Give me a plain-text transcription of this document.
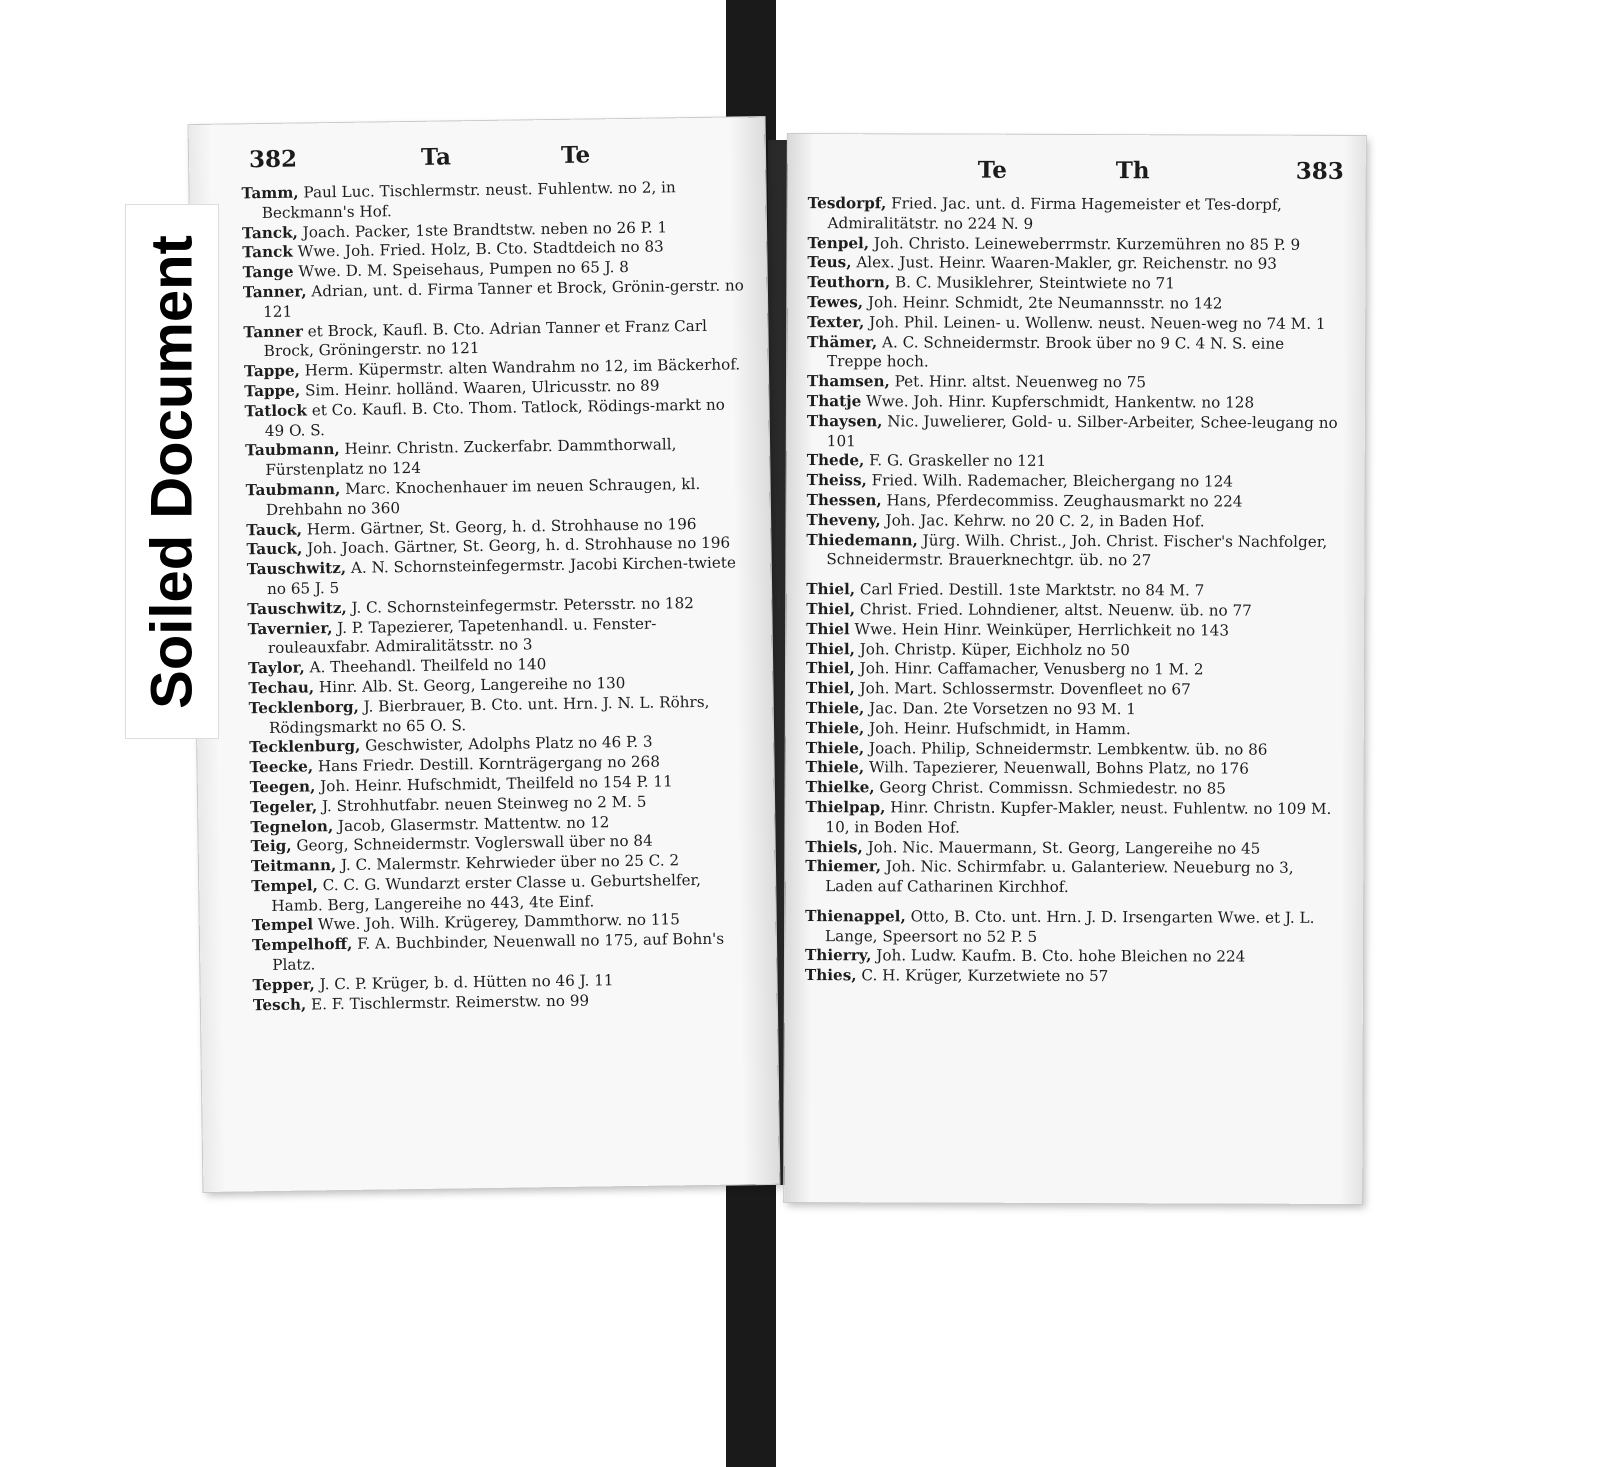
382	Ta	Te
Tamm, Paul Luc. Tischlermstr. neust. Fuhlentw. no 2, in Beckmann's Hof.
Tanck, Joach. Packer, 1ste Brandtstw. neben no 26 P. 1
Tanck Wwe. Joh. Fried. Holz, B. Cto. Stadtdeich no 83
Tange Wwe. D. M. Speisehaus, Pumpen no 65 J. 8
Tanner, Adrian, unt. d. Firma Tanner et Brock, Grönin-gerstr. no 121
Tanner et Brock, Kaufl. B. Cto. Adrian Tanner et Franz Carl Brock, Gröningerstr. no 121
Tappe, Herm. Küpermstr. alten Wandrahm no 12, im Bäckerhof.
Tappe, Sim. Heinr. holländ. Waaren, Ulricusstr. no 89
Tatlock et Co. Kaufl. B. Cto. Thom. Tatlock, Rödings-markt no 49 O. S.
Taubmann, Heinr. Christn. Zuckerfabr. Dammthorwall, Fürstenplatz no 124
Taubmann, Marc. Knochenhauer im neuen Schraugen, kl. Drehbahn no 360
Tauck, Herm. Gärtner, St. Georg, h. d. Strohhause no 196
Tauck, Joh. Joach. Gärtner, St. Georg, h. d. Strohhause no 196
Tauschwitz, A. N. Schornsteinfegermstr. Jacobi Kirchen-twiete no 65 J. 5
Tauschwitz, J. C. Schornsteinfegermstr. Petersstr. no 182
Tavernier, J. P. Tapezierer, Tapetenhandl. u. Fenster-rouleauxfabr. Admiralitätsstr. no 3
Taylor, A. Theehandl. Theilfeld no 140
Techau, Hinr. Alb. St. Georg, Langereihe no 130
Tecklenborg, J. Bierbrauer, B. Cto. unt. Hrn. J. N. L. Röhrs, Rödingsmarkt no 65 O. S.
Tecklenburg, Geschwister, Adolphs Platz no 46 P. 3
Teecke, Hans Friedr. Destill. Kornträgergang no 268
Teegen, Joh. Heinr. Hufschmidt, Theilfeld no 154 P. 11
Tegeler, J. Strohhutfabr. neuen Steinweg no 2 M. 5
Tegnelon, Jacob, Glasermstr. Mattentw. no 12
Teig, Georg, Schneidermstr. Voglerswall über no 84
Teitmann, J. C. Malermstr. Kehrwieder über no 25 C. 2
Tempel, C. C. G. Wundarzt erster Classe u. Geburtshelfer, Hamb. Berg, Langereihe no 443, 4te Einf.
Tempel Wwe. Joh. Wilh. Krügerey, Dammthorw. no 115
Tempelhoff, F. A. Buchbinder, Neuenwall no 175, auf Bohn's Platz.
Tepper, J. C. P. Krüger, b. d. Hütten no 46 J. 11
Tesch, E. F. Tischlermstr. Reimerstw. no 99
Te	Th	383
Tesdorpf, Fried. Jac. unt. d. Firma Hagemeister et Tes-dorpf, Admiralitätstr. no 224 N. 9
Tenpel, Joh. Christo. Leineweberrmstr. Kurzemühren no 85 P. 9
Teus, Alex. Just. Heinr. Waaren-Makler, gr. Reichenstr. no 93
Teuthorn, B. C. Musiklehrer, Steintwiete no 71
Tewes, Joh. Heinr. Schmidt, 2te Neumannsstr. no 142
Texter, Joh. Phil. Leinen- u. Wollenw. neust. Neuen-weg no 74 M. 1
Thämer, A. C. Schneidermstr. Brook über no 9 C. 4 N. S. eine Treppe hoch.
Thamsen, Pet. Hinr. altst. Neuenweg no 75
Thatje Wwe. Joh. Hinr. Kupferschmidt, Hankentw. no 128
Thaysen, Nic. Juwelierer, Gold- u. Silber-Arbeiter, Schee-leugang no 101
Thede, F. G. Graskeller no 121
Theiss, Fried. Wilh. Rademacher, Bleichergang no 124
Thessen, Hans, Pferdecommiss. Zeughausmarkt no 224
Theveny, Joh. Jac. Kehrw. no 20 C. 2, in Baden Hof.
Thiedemann, Jürg. Wilh. Christ., Joh. Christ. Fischer's Nachfolger, Schneidermstr. Brauerknechtgr. üb. no 27
Thiel, Carl Fried. Destill. 1ste Marktstr. no 84 M. 7
Thiel, Christ. Fried. Lohndiener, altst. Neuenw. üb. no 77
Thiel Wwe. Hein Hinr. Weinküper, Herrlichkeit no 143
Thiel, Joh. Christp. Küper, Eichholz no 50
Thiel, Joh. Hinr. Caffamacher, Venusberg no 1 M. 2
Thiel, Joh. Mart. Schlossermstr. Dovenfleet no 67
Thiele, Jac. Dan. 2te Vorsetzen no 93 M. 1
Thiele, Joh. Heinr. Hufschmidt, in Hamm.
Thiele, Joach. Philip, Schneidermstr. Lembkentw. üb. no 86
Thiele, Wilh. Tapezierer, Neuenwall, Bohns Platz, no 176
Thielke, Georg Christ. Commissn. Schmiedestr. no 85
Thielpap, Hinr. Christn. Kupfer-Makler, neust. Fuhlentw. no 109 M. 10, in Boden Hof.
Thiels, Joh. Nic. Mauermann, St. Georg, Langereihe no 45
Thiemer, Joh. Nic. Schirmfabr. u. Galanteriew. Neueburg no 3, Laden auf Catharinen Kirchhof.
Thienappel, Otto, B. Cto. unt. Hrn. J. D. Irsengarten Wwe. et J. L. Lange, Speersort no 52 P. 5
Thierry, Joh. Ludw. Kaufm. B. Cto. hohe Bleichen no 224
Thies, C. H. Krüger, Kurzetwiete no 57
Soiled Document
